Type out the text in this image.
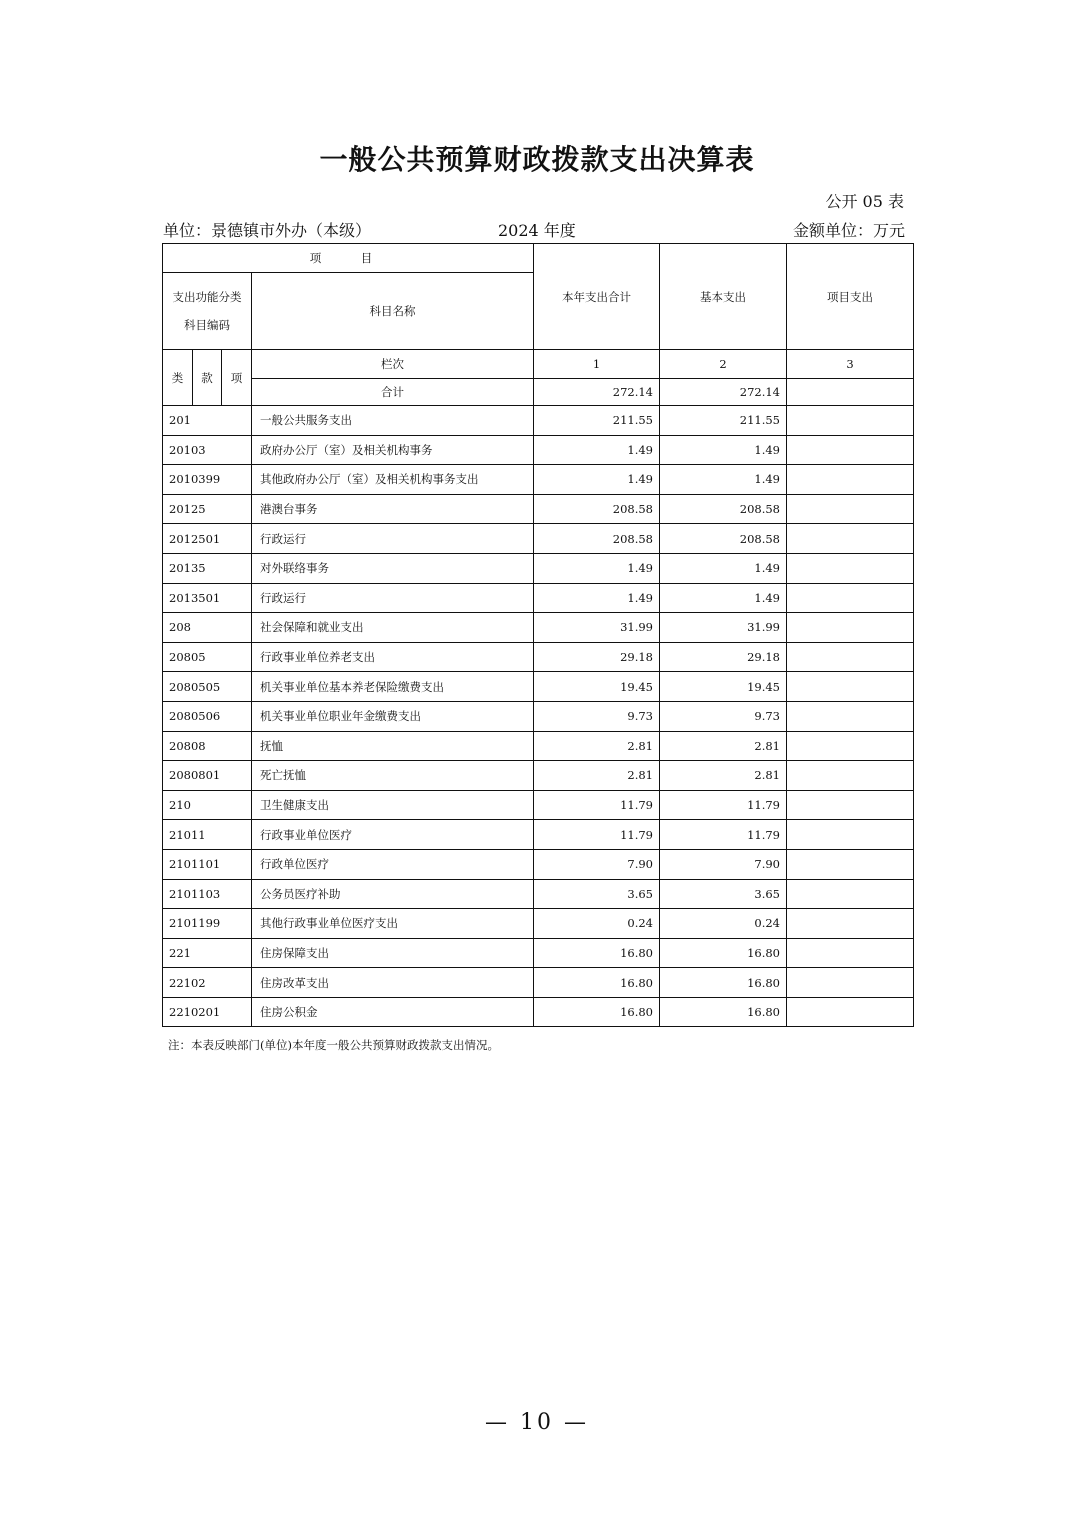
一般公共预算财政拨款支出决算表
公开 05 表
单位：景德镇市外办（本级）	2024 年度	金额单位：万元
项　目				本年支出合计	基本支出	项目支出

支出功能分类
科目编码			科目名称			
类	款	项	栏次	1	2	3
			合计	272.14	272.14	
201			一般公共服务支出	211.55	211.55	
20103			政府办公厅（室）及相关机构事务	1.49	1.49	
2010399			其他政府办公厅（室）及相关机构事务支出	1.49	1.49	
20125			港澳台事务	208.58	208.58	
2012501			行政运行	208.58	208.58	
20135			对外联络事务	1.49	1.49	
2013501			行政运行	1.49	1.49	
208			社会保障和就业支出	31.99	31.99	
20805			行政事业单位养老支出	29.18	29.18	
2080505			机关事业单位基本养老保险缴费支出	19.45	19.45	
2080506			机关事业单位职业年金缴费支出	9.73	9.73	
20808			抚恤	2.81	2.81	
2080801			死亡抚恤	2.81	2.81	
210			卫生健康支出	11.79	11.79	
21011			行政事业单位医疗	11.79	11.79	
2101101			行政单位医疗	7.90	7.90	
2101103			公务员医疗补助	3.65	3.65	
2101199			其他行政事业单位医疗支出	0.24	0.24	
221			住房保障支出	16.80	16.80	
22102			住房改革支出	16.80	16.80	
2210201			住房公积金	16.80	16.80	
注：本表反映部门(单位)本年度一般公共预算财政拨款支出情况。
— 10 —
